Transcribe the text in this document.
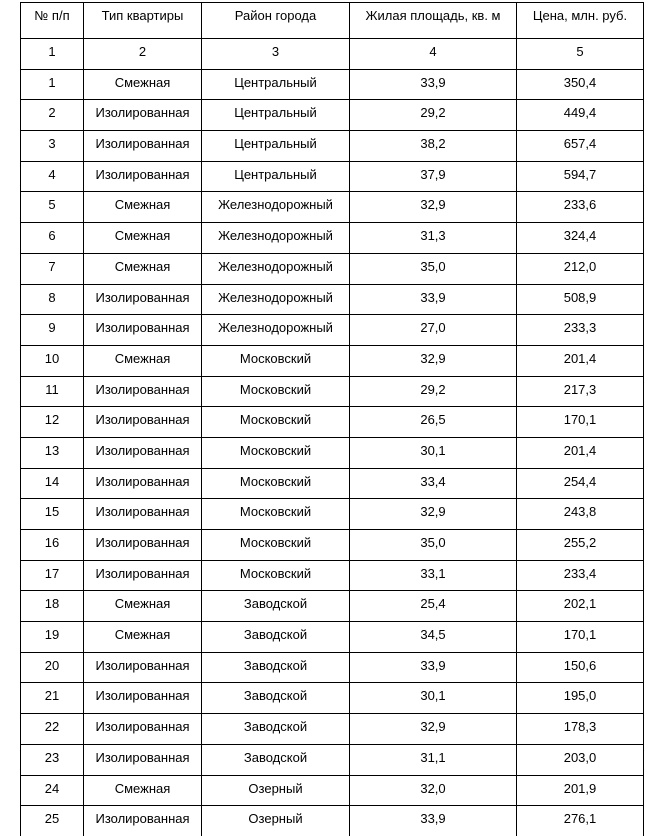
№ п/п	Тип квартиры	Район города	Жилая площадь, кв. м	Цена, млн. руб.
1	2	3	4	5
1	Смежная	Центральный	33,9	350,4
2	Изолированная	Центральный	29,2	449,4
3	Изолированная	Центральный	38,2	657,4
4	Изолированная	Центральный	37,9	594,7
5	Смежная	Железнодорожный	32,9	233,6
6	Смежная	Железнодорожный	31,3	324,4
7	Смежная	Железнодорожный	35,0	212,0
8	Изолированная	Железнодорожный	33,9	508,9
9	Изолированная	Железнодорожный	27,0	233,3
10	Смежная	Московский	32,9	201,4
11	Изолированная	Московский	29,2	217,3
12	Изолированная	Московский	26,5	170,1
13	Изолированная	Московский	30,1	201,4
14	Изолированная	Московский	33,4	254,4
15	Изолированная	Московский	32,9	243,8
16	Изолированная	Московский	35,0	255,2
17	Изолированная	Московский	33,1	233,4
18	Смежная	Заводской	25,4	202,1
19	Смежная	Заводской	34,5	170,1
20	Изолированная	Заводской	33,9	150,6
21	Изолированная	Заводской	30,1	195,0
22	Изолированная	Заводской	32,9	178,3
23	Изолированная	Заводской	31,1	203,0
24	Смежная	Озерный	32,0	201,9
25	Изолированная	Озерный	33,9	276,1
